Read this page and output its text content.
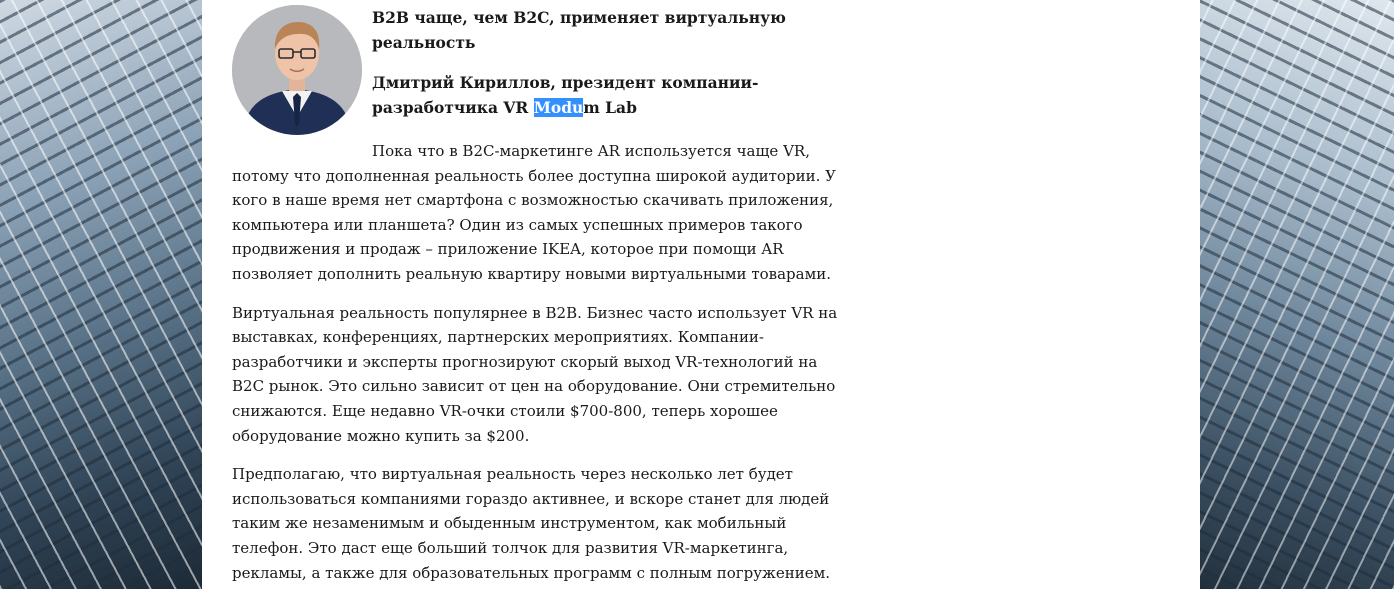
B2B чаще, чем B2C, применяет виртуальную реальность

Дмитрий Кириллов, президент компании-разработчика VR Modum Lab

Пока что в B2C-маркетинге AR используется чаще VR, потому что дополненная реальность более доступна широкой аудитории. У кого в наше время нет смартфона с возможностью скачивать приложения, компьютера или планшета? Один из самых успешных примеров такого продвижения и продаж – приложение IKEA, которое при помощи AR позволяет дополнить реальную квартиру новыми виртуальными товарами.

Виртуальная реальность популярнее в B2B. Бизнес часто использует VR на выставках, конференциях, партнерских мероприятиях. Компании-разработчики и эксперты прогнозируют скорый выход VR-технологий на B2C рынок. Это сильно зависит от цен на оборудование. Они стремительно снижаются. Еще недавно VR-очки стоили $700-800, теперь хорошее оборудование можно купить за $200.

Предполагаю, что виртуальная реальность через несколько лет будет использоваться компаниями гораздо активнее, и вскоре станет для людей таким же незаменимым и обыденным инструментом, как мобильный телефон. Это даст еще больший толчок для развития VR-маркетинга, рекламы, а также для образовательных программ с полным погружением.
